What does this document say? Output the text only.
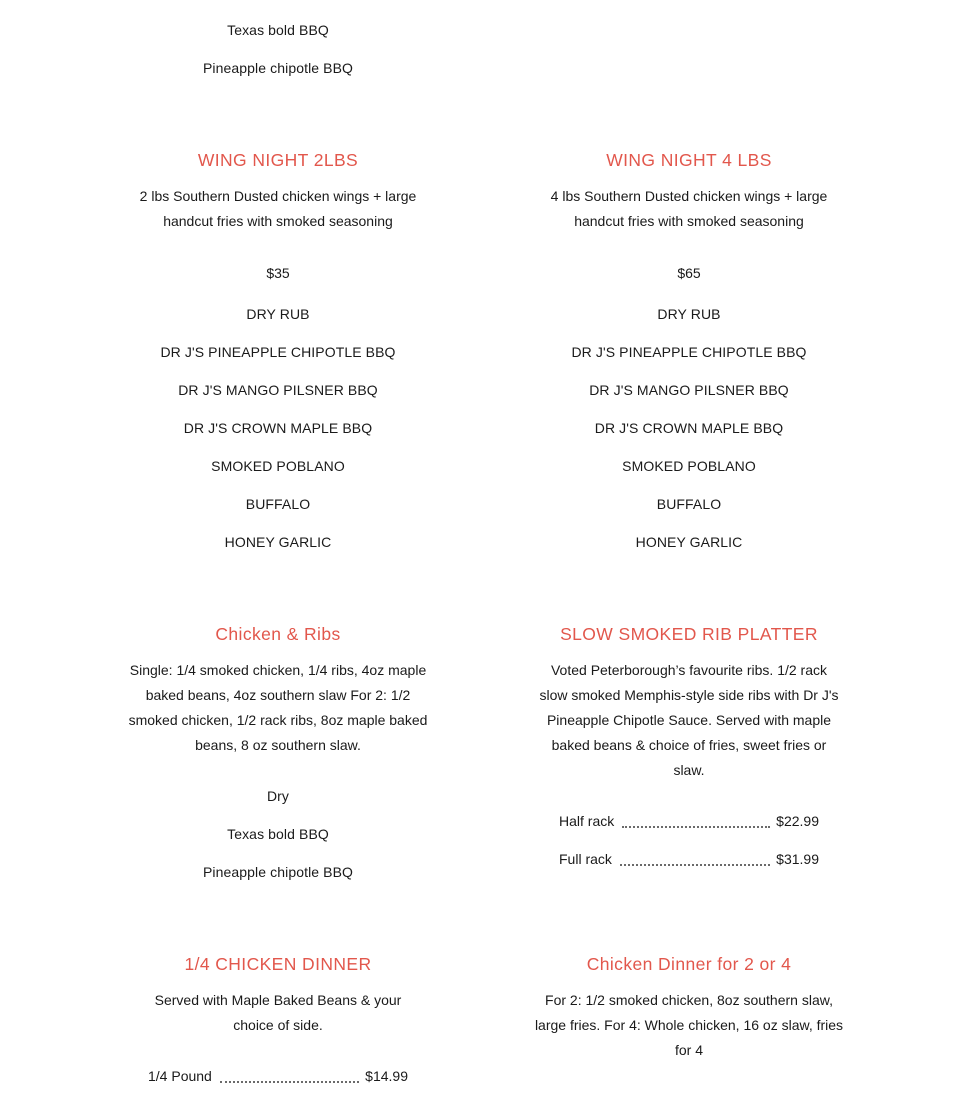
Texas bold BBQ
Pineapple chipotle BBQ
WING NIGHT 2LBS
2 lbs Southern Dusted chicken wings + large handcut fries with smoked seasoning
$35
DRY RUB
DR J'S PINEAPPLE CHIPOTLE BBQ
DR J'S MANGO PILSNER BBQ
DR J'S CROWN MAPLE BBQ
SMOKED POBLANO
BUFFALO
HONEY GARLIC
WING NIGHT 4 LBS
4 lbs Southern Dusted chicken wings + large handcut fries with smoked seasoning
$65
DRY RUB
DR J'S PINEAPPLE CHIPOTLE BBQ
DR J'S MANGO PILSNER BBQ
DR J'S CROWN MAPLE BBQ
SMOKED POBLANO
BUFFALO
HONEY GARLIC
Chicken & Ribs
Single: 1/4 smoked chicken, 1/4 ribs, 4oz maple baked beans, 4oz southern slaw For 2: 1/2 smoked chicken, 1/2 rack ribs, 8oz maple baked beans, 8 oz southern slaw.
Dry
Texas bold BBQ
Pineapple chipotle BBQ
SLOW SMOKED RIB PLATTER
Voted Peterborough’s favourite ribs. 1/2 rack slow smoked Memphis-style side ribs with Dr J's Pineapple Chipotle Sauce. Served with maple baked beans & choice of fries, sweet fries or slaw.
Half rack	$22.99
Full rack	$31.99
1/4 CHICKEN DINNER
Served with Maple Baked Beans & your choice of side.
1/4 Pound	$14.99
Chicken Dinner for 2 or 4
For 2: 1/2 smoked chicken, 8oz southern slaw, large fries. For 4: Whole chicken, 16 oz slaw, fries for 4
